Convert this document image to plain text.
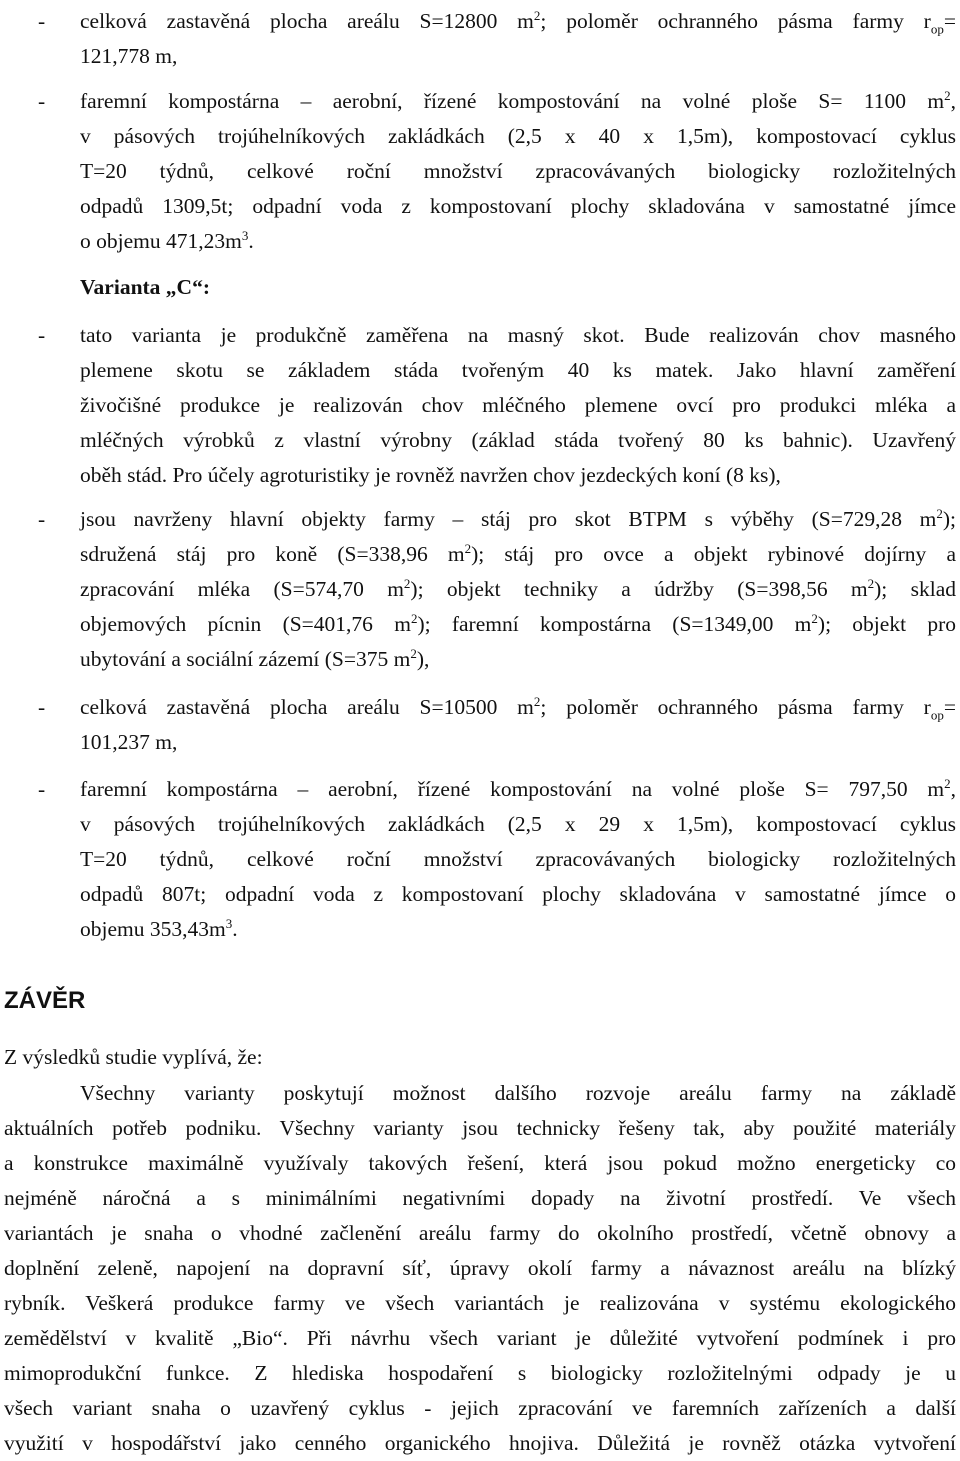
- celková zastavěná plocha areálu S=12800 $m^2$; poloměr ochranného pásma farmy $r_{op}=$
121,778 m,
- faremní kompostárna – aerobní, řízené kompostování na volné ploše S= 1100 $m^2$,
v pásových trojúhelníkových zakládkách (2,5 x 40 x 1,5m), kompostovací cyklus
T=20 týdnů, celkové roční množství zpracovávaných biologicky rozložitelných
odpadů 1309,5t; odpadní voda z kompostovaní plochy skladována v samostatné jímce
o objemu $471,23m^3$.
Varianta „C“:
- tato varianta je produkčně zaměřena na masný skot. Bude realizován chov masného
plemene skotu se základem stáda tvořeným 40 ks matek. Jako hlavní zaměření
živočišné produkce je realizován chov mléčného plemene ovcí pro produkci mléka a
mléčných výrobků z vlastní výrobny (základ stáda tvořený 80 ks bahnic). Uzavřený
oběh stád. Pro účely agroturistiky je rovněž navržen chov jezdeckých koní (8 ks),
- jsou navrženy hlavní objekty farmy – stáj pro skot BTPM s výběhy (S=729,28 $m^2$);
sdružená stáj pro koně (S=338,96 $m^2$); stáj pro ovce a objekt rybinové dojírny a
zpracování mléka (S=574,70 $m^2$); objekt techniky a údržby (S=398,56 $m^2$); sklad
objemových pícnin (S=401,76 $m^2$); faremní kompostárna (S=1349,00 $m^2$); objekt pro
ubytování a sociální zázemí (S=375 $m^2$),
- celková zastavěná plocha areálu S=10500 $m^2$; poloměr ochranného pásma farmy $r_{op}=$
101,237 m,
- faremní kompostárna – aerobní, řízené kompostování na volné ploše S= 797,50 $m^2$,
v pásových trojúhelníkových zakládkách (2,5 x 29 x 1,5m), kompostovací cyklus
T=20 týdnů, celkové roční množství zpracovávaných biologicky rozložitelných
odpadů 807t; odpadní voda z kompostovaní plochy skladována v samostatné jímce o
objemu $353,43m^3$.
ZÁVĚR
Z výsledků studie vyplívá, že:
Všechny varianty poskytují možnost dalšího rozvoje areálu farmy na základě
aktuálních potřeb podniku. Všechny varianty jsou technicky řešeny tak, aby použité materiály
a konstrukce maximálně využívaly takových řešení, která jsou pokud možno energeticky co
nejméně náročná a s minimálními negativními dopady na životní prostředí. Ve všech
variantách je snaha o vhodné začlenění areálu farmy do okolního prostředí, včetně obnovy a
doplnění zeleně, napojení na dopravní síť, úpravy okolí farmy a návaznost areálu na blízký
rybník. Veškerá produkce farmy ve všech variantách je realizována v systému ekologického
zemědělství v kvalitě „Bio“. Při návrhu všech variant je důležité vytvoření podmínek i pro
mimoprodukční funkce. Z hlediska hospodaření s biologicky rozložitelnými odpady je u
všech variant snaha o uzavřený cyklus - jejich zpracování ve faremních zařízeních a další
využití v hospodářství jako cenného organického hnojiva. Důležitá je rovněž otázka vytvoření
